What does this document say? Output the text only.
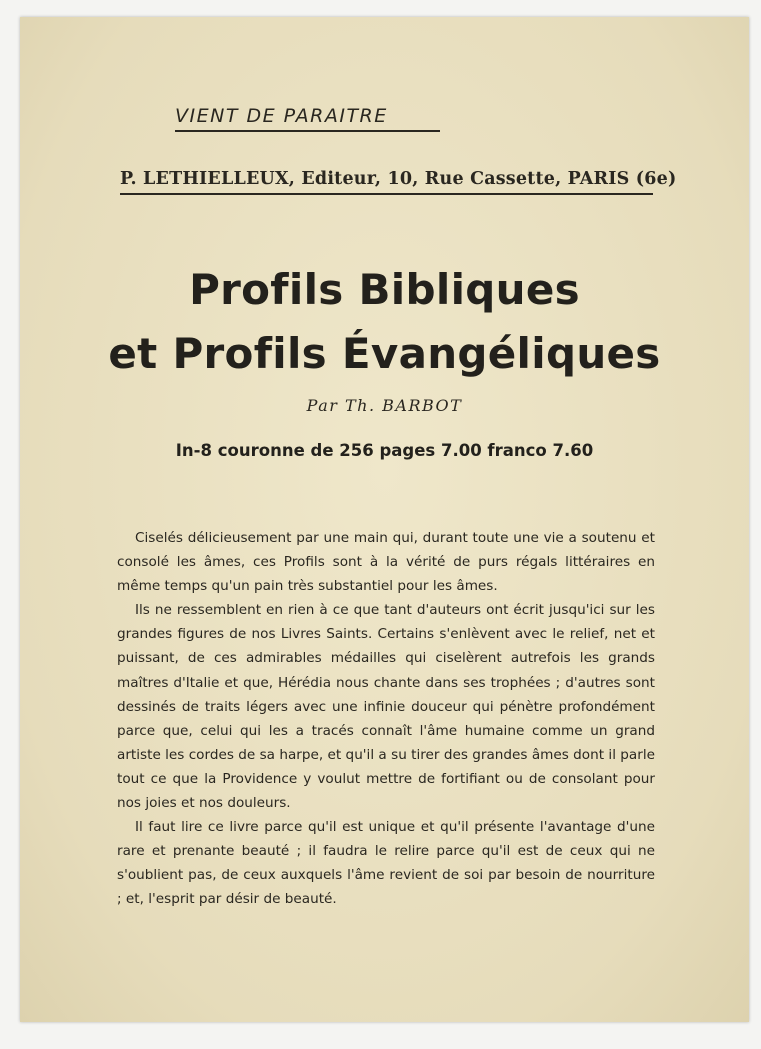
VIENT DE PARAITRE
P. LETHIELLEUX, Editeur, 10, Rue Cassette, PARIS (6e)
Profils Bibliques
et Profils Évangéliques
Par Th. BARBOT
In-8 couronne de 256 pages 7.00 franco 7.60

Ciselés délicieusement par une main qui, durant toute une vie a soutenu et consolé les âmes, ces Profils sont à la vérité de purs régals littéraires en même temps qu'un pain très substantiel pour les âmes.

Ils ne ressemblent en rien à ce que tant d'auteurs ont écrit jusqu'ici sur les grandes figures de nos Livres Saints. Certains s'enlèvent avec le relief, net et puissant, de ces admirables médailles qui ciselèrent autrefois les grands maîtres d'Italie et que, Hérédia nous chante dans ses trophées ; d'autres sont dessinés de traits légers avec une infinie douceur qui pénètre profondément parce que, celui qui les a tracés connaît l'âme humaine comme un grand artiste les cordes de sa harpe, et qu'il a su tirer des grandes âmes dont il parle tout ce que la Providence y voulut mettre de fortifiant ou de consolant pour nos joies et nos douleurs.

Il faut lire ce livre parce qu'il est unique et qu'il présente l'avantage d'une rare et prenante beauté ; il faudra le relire parce qu'il est de ceux qui ne s'oublient pas, de ceux auxquels l'âme revient de soi par besoin de nourriture ; et, l'esprit par désir de beauté.
